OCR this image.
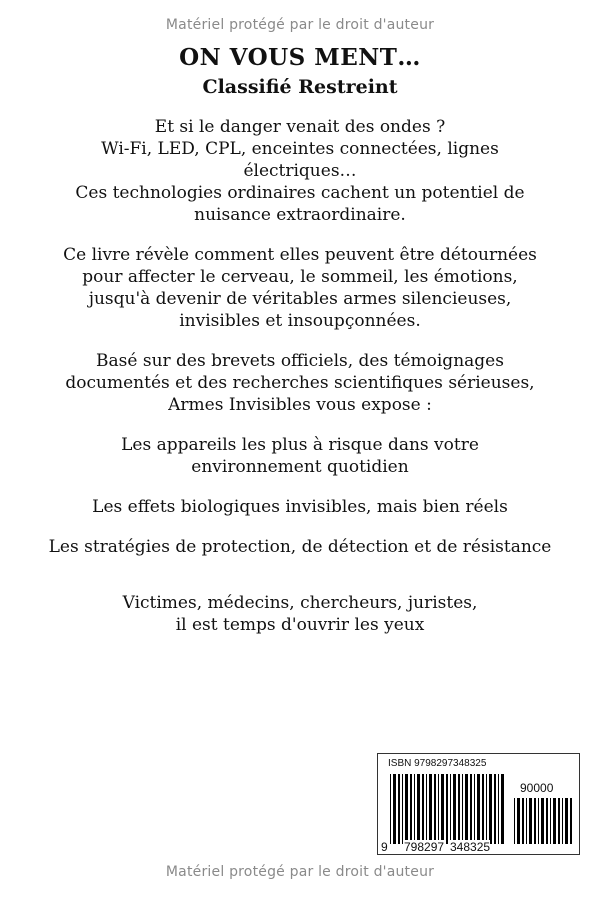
Matériel protégé par le droit d'auteur
ON VOUS MENT…
Classifié Restreint

Et si le danger venait des ondes ?
Wi-Fi, LED, CPL, enceintes connectées, lignes
électriques…
Ces technologies ordinaires cachent un potentiel de
nuisance extraordinaire.

Ce livre révèle comment elles peuvent être détournées
pour affecter le cerveau, le sommeil, les émotions,
jusqu'à devenir de véritables armes silencieuses,
invisibles et insoupçonnées.

Basé sur des brevets officiels, des témoignages
documentés et des recherches scientifiques sérieuses,
Armes Invisibles vous expose :

Les appareils les plus à risque dans votre
environnement quotidien

Les effets biologiques invisibles, mais bien réels

Les stratégies de protection, de détection et de résistance

Victimes, médecins, chercheurs, juristes,
il est temps d'ouvrir les yeux

ISBN 9798297348325
90000
9 798297 348325
Matériel protégé par le droit d'auteur
